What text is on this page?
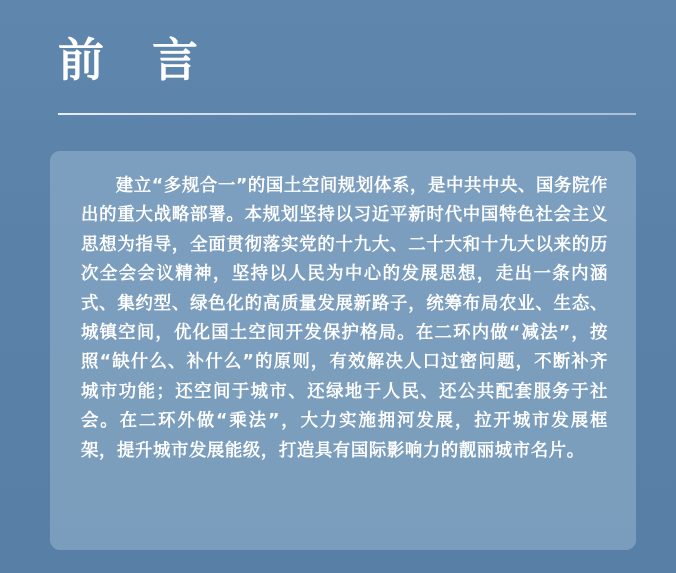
前 言

建立“多规合一”的国土空间规划体系，是中共中央、国务院作出的重大战略部署。本规划坚持以习近平新时代中国特色社会主义思想为指导，全面贯彻落实党的十九大、二十大和十九大以来的历次全会会议精神，坚持以人民为中心的发展思想，走出一条内涵式、集约型、绿色化的高质量发展新路子，统筹布局农业、生态、城镇空间，优化国土空间开发保护格局。在二环内做“减法”，按照“缺什么、补什么”的原则，有效解决人口过密问题，不断补齐城市功能；还空间于城市、还绿地于人民、还公共配套服务于社会。在二环外做“乘法”，大力实施拥河发展，拉开城市发展框架，提升城市发展能级，打造具有国际影响力的靓丽城市名片。
